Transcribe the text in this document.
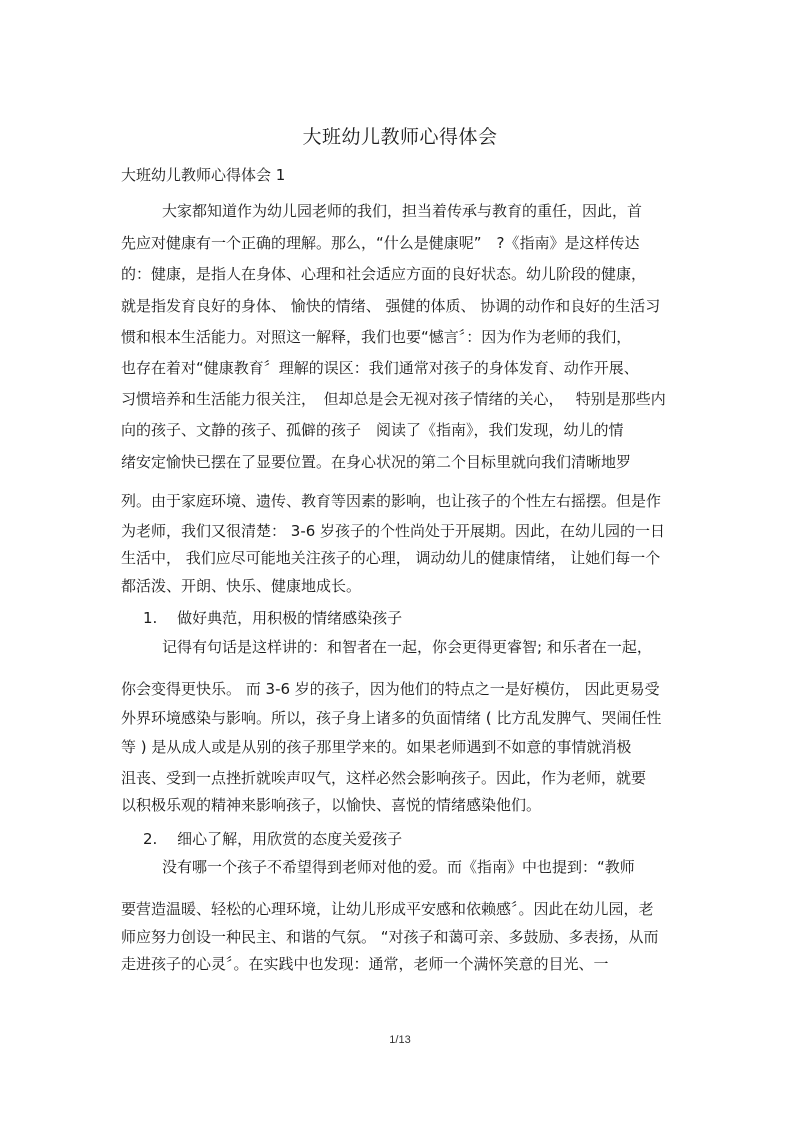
大班幼儿教师心得体会
大班幼儿教师心得体会 1
大家都知道作为幼儿园老师的我们，担当着传承与教育的重任，因此，首
先应对健康有一个正确的理解。那么，“什么是健康呢”　?《指南》是这样传达
的：健康，是指人在身体、心理和社会适应方面的良好状态。幼儿阶段的健康，
就是指发育良好的身体、 愉快的情绪、 强健的体质、 协调的动作和良好的生活习
惯和根本生活能力。对照这一解释，我们也要“憾言〞：因为作为老师的我们，
也存在着对“健康教育〞理解的误区：我们通常对孩子的身体发育、动作开展、
习惯培养和生活能力很关注，　但却总是会无视对孩子情绪的关心，　 特别是那些内
向的孩子、文静的孩子、孤僻的孩子　阅读了《指南》，我们发现，幼儿的情
绪安定愉快已摆在了显要位置。在身心状况的第二个目标里就向我们清晰地罗
列。由于家庭环境、遗传、教育等因素的影响，也让孩子的个性左右摇摆。但是作
为老师，我们又很清楚： 3-6 岁孩子的个性尚处于开展期。因此，在幼儿园的一日
生活中， 我们应尽可能地关注孩子的心理， 调动幼儿的健康情绪， 让她们每一个
都活泼、开朗、快乐、健康地成长。
1.　 做好典范，用积极的情绪感染孩子
记得有句话是这样讲的：和智者在一起，你会更得更睿智; 和乐者在一起，
你会变得更快乐。 而 3-6 岁的孩子，因为他们的特点之一是好模仿， 因此更易受
外界环境感染与影响。所以，孩子身上诸多的负面情绪 ( 比方乱发脾气、哭闹任性
等 ) 是从成人或是从别的孩子那里学来的。如果老师遇到不如意的事情就消极
沮丧、受到一点挫折就唉声叹气，这样必然会影响孩子。因此，作为老师，就要
以积极乐观的精神来影响孩子，以愉快、喜悦的情绪感染他们。
2.　 细心了解，用欣赏的态度关爱孩子
没有哪一个孩子不希望得到老师对他的爱。而《指南》中也提到：“教师
要营造温暖、轻松的心理环境，让幼儿形成平安感和依赖感〞。因此在幼儿园，老
师应努力创设一种民主、和谐的气氛。 “对孩子和蔼可亲、多鼓励、多表扬，从而
走进孩子的心灵〞。在实践中也发现：通常，老师一个满怀笑意的目光、一
1/13
